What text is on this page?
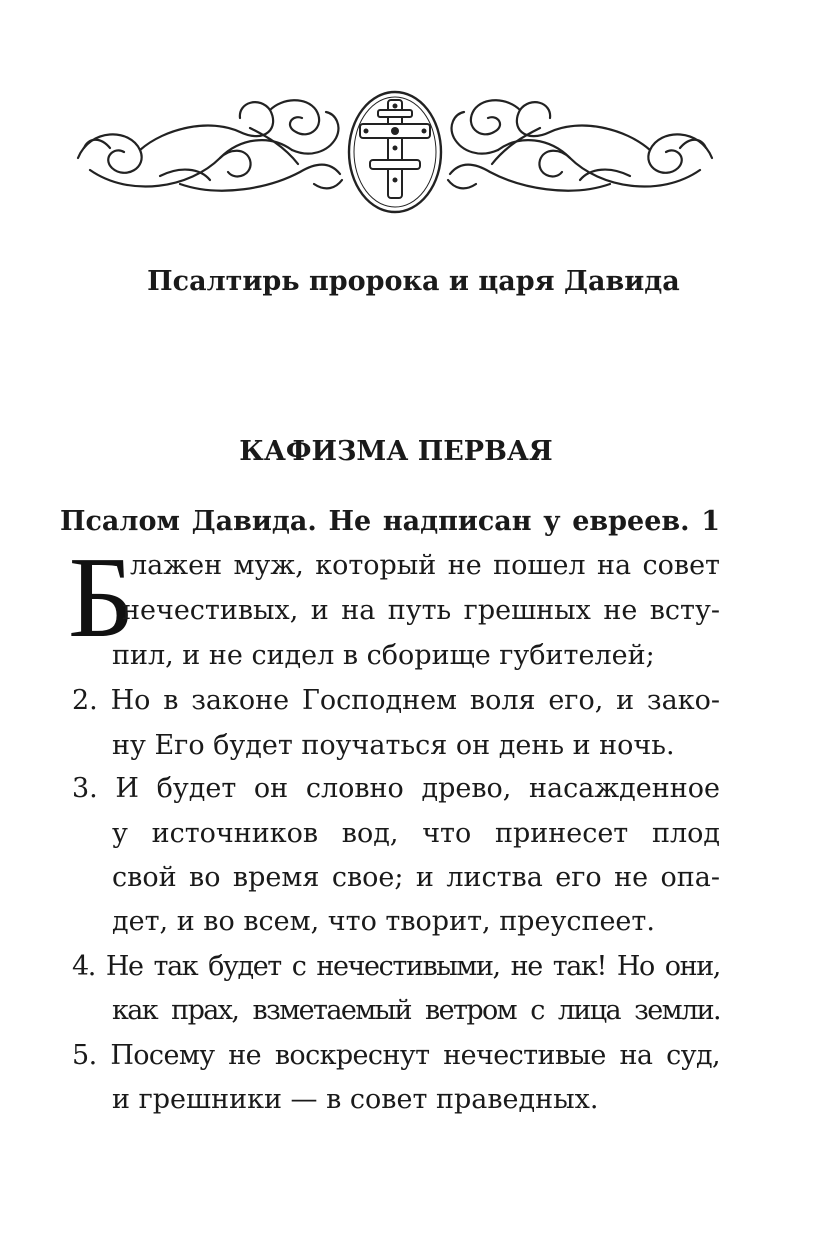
Псалтирь пророка и царя Давида
КАФИЗМА ПЕРВАЯ
Псалом Давида. Не надписан у евреев. 1
Б
лажен муж, который не пошел на совет
нечестивых, и на путь грешных не всту-
пил, и не сидел в сборище губителей;
2. Но в законе Господнем воля его, и зако-
ну Его будет поучаться он день и ночь.
3. И будет он словно древо, насажденное
у источников вод, что принесет плод
свой во время свое; и листва его не опа-
дет, и во всем, что творит, преуспеет.
4. Не так будет с нечестивыми, не так! Но они,
как прах, взметаемый ветром с лица земли.
5. Посему не воскреснут нечестивые на суд,
и грешники — в совет праведных.
